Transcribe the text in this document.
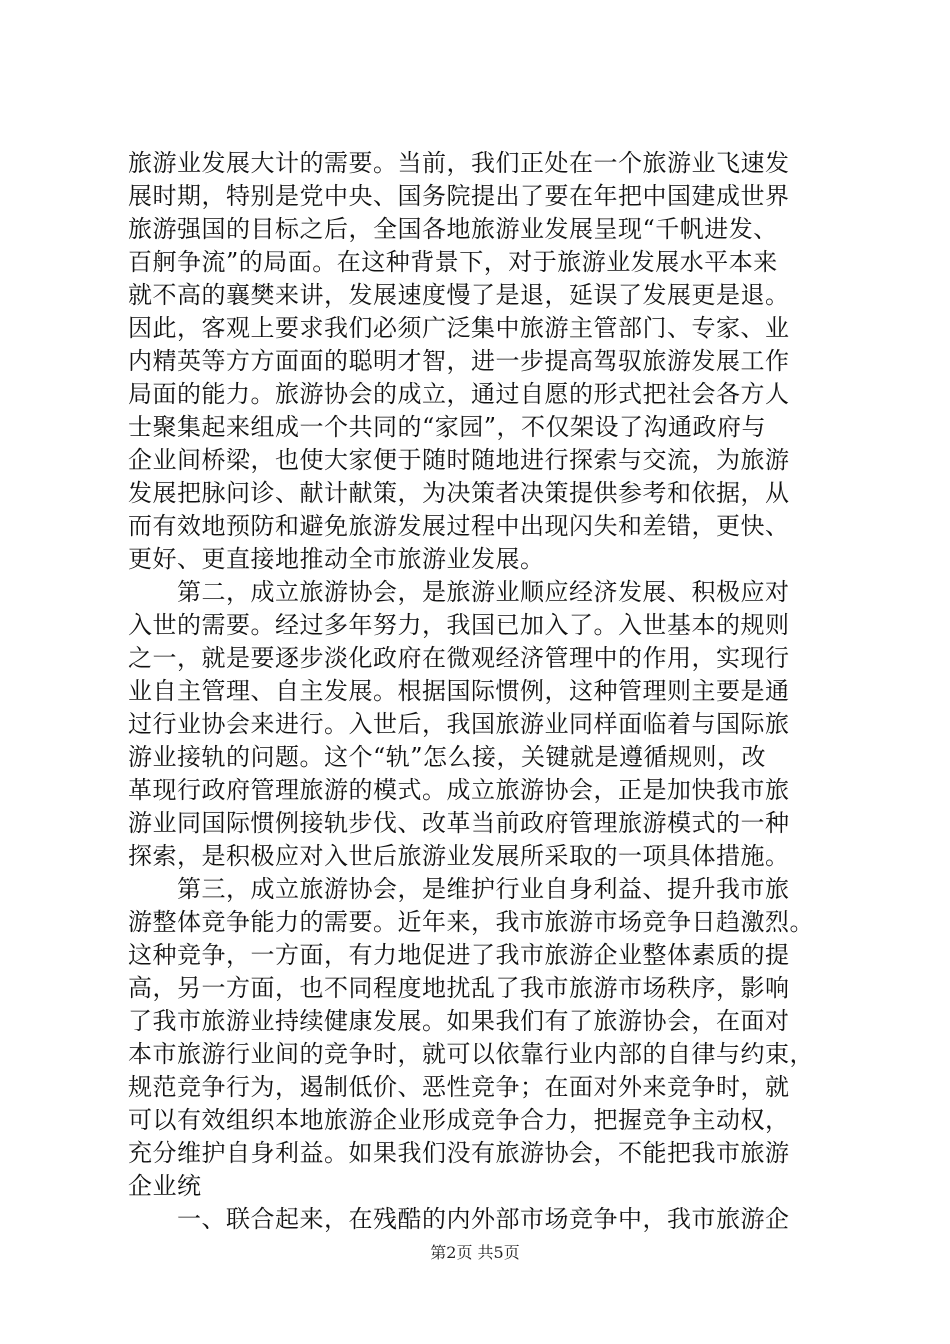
旅游业发展大计的需要。当前，我们正处在一个旅游业飞速发
展时期，特别是党中央、国务院提出了要在年把中国建成世界
旅游强国的目标之后，全国各地旅游业发展呈现“千帆进发、
百舸争流”的局面。在这种背景下，对于旅游业发展水平本来
就不高的襄樊来讲，发展速度慢了是退，延误了发展更是退。
因此，客观上要求我们必须广泛集中旅游主管部门、专家、业
内精英等方方面面的聪明才智，进一步提高驾驭旅游发展工作
局面的能力。旅游协会的成立，通过自愿的形式把社会各方人
士聚集起来组成一个共同的“家园”，不仅架设了沟通政府与
企业间桥梁，也使大家便于随时随地进行探索与交流，为旅游
发展把脉问诊、献计献策，为决策者决策提供参考和依据，从
而有效地预防和避免旅游发展过程中出现闪失和差错，更快、
更好、更直接地推动全市旅游业发展。
　　第二，成立旅游协会，是旅游业顺应经济发展、积极应对
入世的需要。经过多年努力，我国已加入了。入世基本的规则
之一，就是要逐步淡化政府在微观经济管理中的作用，实现行
业自主管理、自主发展。根据国际惯例，这种管理则主要是通
过行业协会来进行。入世后，我国旅游业同样面临着与国际旅
游业接轨的问题。这个“轨”怎么接，关键就是遵循规则，改
革现行政府管理旅游的模式。成立旅游协会，正是加快我市旅
游业同国际惯例接轨步伐、改革当前政府管理旅游模式的一种
探索，是积极应对入世后旅游业发展所采取的一项具体措施。
　　第三，成立旅游协会，是维护行业自身利益、提升我市旅
游整体竞争能力的需要。近年来，我市旅游市场竞争日趋激烈。
这种竞争，一方面，有力地促进了我市旅游企业整体素质的提
高，另一方面，也不同程度地扰乱了我市旅游市场秩序，影响
了我市旅游业持续健康发展。如果我们有了旅游协会，在面对
本市旅游行业间的竞争时，就可以依靠行业内部的自律与约束，
规范竞争行为，遏制低价、恶性竞争；在面对外来竞争时，就
可以有效组织本地旅游企业形成竞争合力，把握竞争主动权，
充分维护自身利益。如果我们没有旅游协会，不能把我市旅游
企业统
　　一、联合起来，在残酷的内外部市场竞争中，我市旅游企
第2页 共5页
